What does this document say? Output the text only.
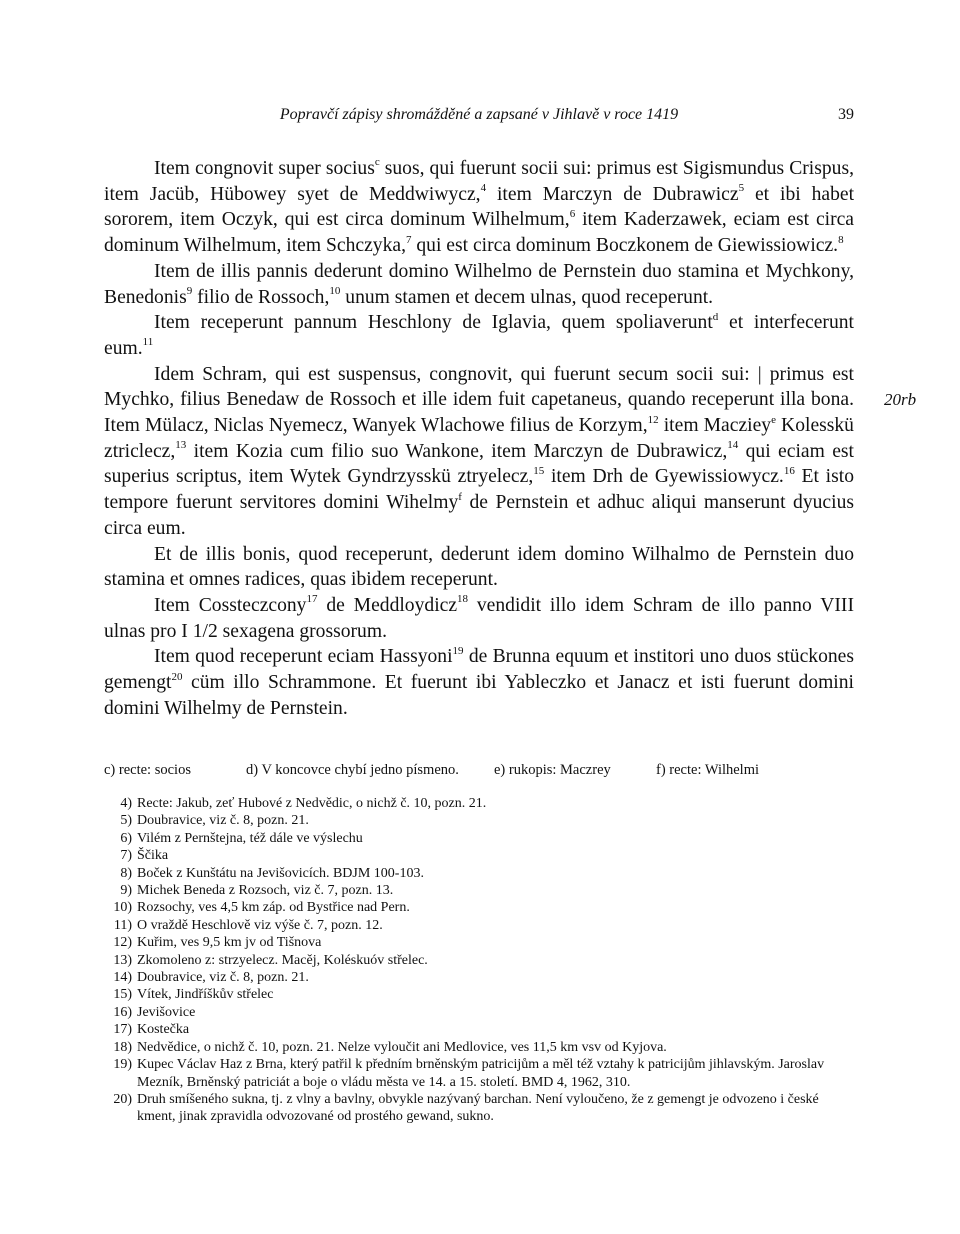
Popravčí zápisy shromážděné a zapsané v Jihlavě v roce 1419	39

Item congnovit super socius$^c$ suos, qui fuerunt socii sui: primus est Sigismundus Crispus, item Jacüb, Hübowey syet de Meddwiwycz,$^4$ item Marczyn de Dubrawicz$^5$ et ibi habet sororem, item Oczyk, qui est circa dominum Wilhelmum,$^6$ item Kaderzawek, eciam est circa dominum Wilhelmum, item Schczyka,$^7$ qui est circa dominum Boczkonem de Giewissiowicz.$^8$

Item de illis pannis dederunt domino Wilhelmo de Pernstein duo stamina et Mychkony, Benedonis$^9$ filio de Rossoch,$^{10}$ unum stamen et decem ulnas, quod receperunt.

Item receperunt pannum Heschlony de Iglavia, quem spoliaverunt$^d$ et interfecerunt eum.$^{11}$

Idem Schram, qui est suspensus, congnovit, qui fuerunt secum socii sui: | primus est Mychko, filius Benedaw de Rossoch et ille idem fuit capetaneus, quando receperunt illa bona. Item Mülacz, Niclas Nyemecz, Wanyek Wlachowe filius de Korzym,$^{12}$ item Macziey$^e$ Kolesskü ztriclecz,$^{13}$ item Kozia cum filio suo Wankone, item Marczyn de Dubrawicz,$^{14}$ qui eciam est superius scriptus, item Wytek Gyndrzysskü ztryelecz,$^{15}$ item Drh de Gyewissiowycz.$^{16}$ Et isto tempore fuerunt servitores domini Wihelmy$^f$ de Pernstein et adhuc aliqui manserunt dyucius circa eum.

Et de illis bonis, quod receperunt, dederunt idem domino Wilhalmo de Pernstein duo stamina et omnes radices, quas ibidem receperunt.

Item Cossteczcony$^{17}$ de Meddloydicz$^{18}$ vendidit illo idem Schram de illo panno VIII ulnas pro I 1/2 sexagena grossorum.

Item quod receperunt eciam Hassyoni$^{19}$ de Brunna equum et institori uno duos stückones gemengt$^{20}$ cüm illo Schrammone. Et fuerunt ibi Yableczko et Janacz et isti fuerunt domini domini Wilhelmy de Pernstein.

20rb
c) recte: socios	d) V koncovce chybí jedno písmeno. e) rukopis: Maczrey	f) recte: Wilhelmi
4) Recte: Jakub, zeť Hubové z Nedvědic, o nichž č. 10, pozn. 21.
5) Doubravice, viz č. 8, pozn. 21.
6) Vilém z Pernštejna, též dále ve výslechu
7) Ščika
8) Boček z Kunštátu na Jevišovicích. BDJM 100-103.
9) Michek Beneda z Rozsoch, viz č. 7, pozn. 13.
10) Rozsochy, ves 4,5 km záp. od Bystřice nad Pern.
11) O vraždě Heschlově viz výše č. 7, pozn. 12.
12) Kuřim, ves 9,5 km jv od Tišnova
13) Zkomoleno z: strzyelecz. Macěj, Koléskuóv střelec.
14) Doubravice, viz č. 8, pozn. 21.
15) Vítek, Jindříškův střelec
16) Jevišovice
17) Kostečka
18) Nedvědice, o nichž č. 10, pozn. 21. Nelze vyloučit ani Medlovice, ves 11,5 km vsv od Kyjova.
19) Kupec Václav Haz z Brna, který patřil k předním brněnským patricijům a měl též vztahy k patricijům jihlavským. Jaroslav Mezník, Brněnský patriciát a boje o vládu města ve 14. a 15. století. BMD 4, 1962, 310.
20) Druh smíšeného sukna, tj. z vlny a bavlny, obvykle nazývaný barchan. Není vyloučeno, že z gemengt je odvozeno i české kment, jinak zpravidla odvozované od prostého gewand, sukno.
